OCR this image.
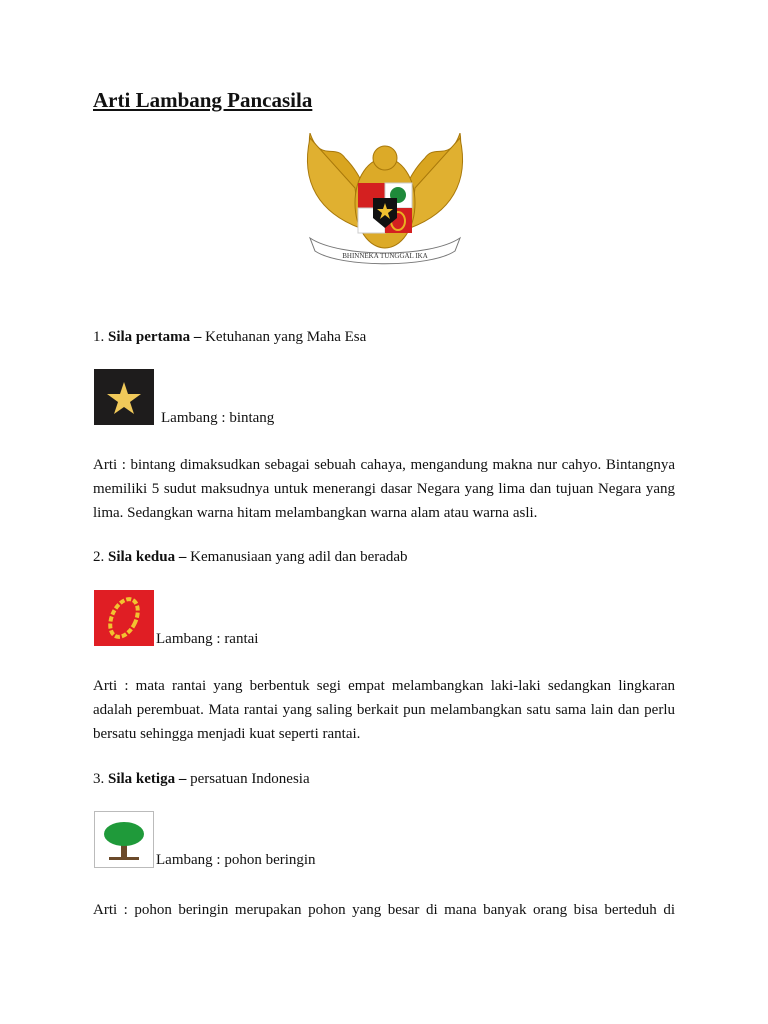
Arti Lambang Pancasila
BHINNEKA TUNGGAL IKA
1. Sila pertama – Ketuhanan yang Maha Esa
Lambang : bintang
Arti : bintang dimaksudkan sebagai sebuah cahaya, mengandung makna nur cahyo. Bintangnya memiliki 5 sudut maksudnya untuk menerangi dasar Negara yang lima dan tujuan Negara yang lima. Sedangkan warna hitam melambangkan warna alam atau warna asli.
2. Sila kedua – Kemanusiaan yang adil dan beradab
Lambang : rantai
Arti : mata rantai yang berbentuk segi empat melambangkan laki-laki sedangkan lingkaran adalah perembuat. Mata rantai yang saling berkait pun melambangkan satu sama lain dan perlu bersatu sehingga menjadi kuat seperti rantai.
3. Sila ketiga – persatuan Indonesia
Lambang : pohon beringin
Arti : pohon beringin merupakan pohon yang besar di mana banyak orang bisa berteduh di
